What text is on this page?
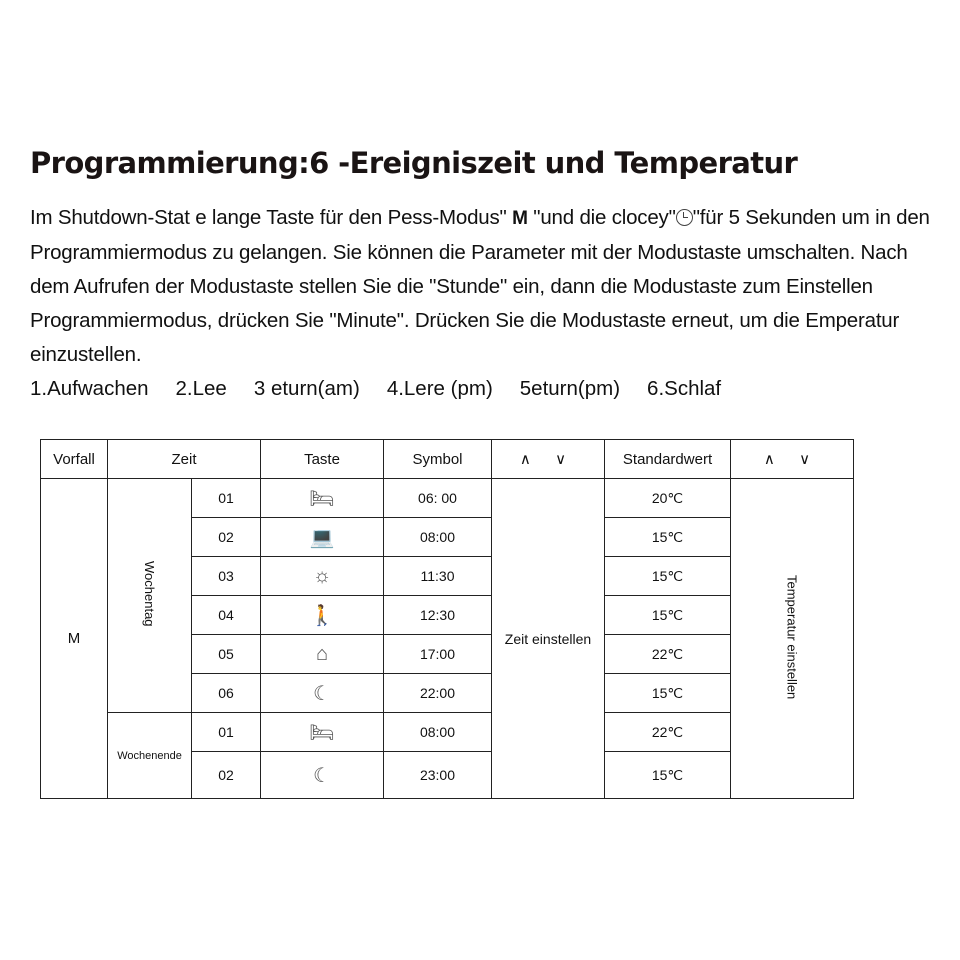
Programmierung:6 -Ereigniszeit und Temperatur
Im Shutdown-Stat e lange Taste für den Pess-Modus" M "und die clocey" "für 5 Sekunden um in den Programmiermodus zu gelangen. Sie können die Parameter mit der Modustaste umschalten. Nach dem Aufrufen der Modustaste stellen Sie die "Stunde" ein, dann die Modustaste zum Einstellen Programmiermodus, drücken Sie "Minute". Drücken Sie die Modustaste erneut, um die Emperatur einzustellen.
1.Aufwachen 2.Lee 3 eturn(am) 4.Lere (pm) 5eturn(pm) 6.Schlaf
Vorfall	Zeit		Taste	Symbol	∧ ∨	Standardwert	∧ ∨
M	Wochentag	01	🛏	06: 00	Zeit einstellen	20℃	Temperatur einstellen
		02	💻	08:00		15℃	
		03	☼	11:30		15℃	
		04	🚶	12:30		15℃	
		05	⌂	17:00		22℃	
		06	☾	22:00		15℃	
	Wochenende	01	🛏	08:00		22℃	
		02	☾	23:00		15℃	
